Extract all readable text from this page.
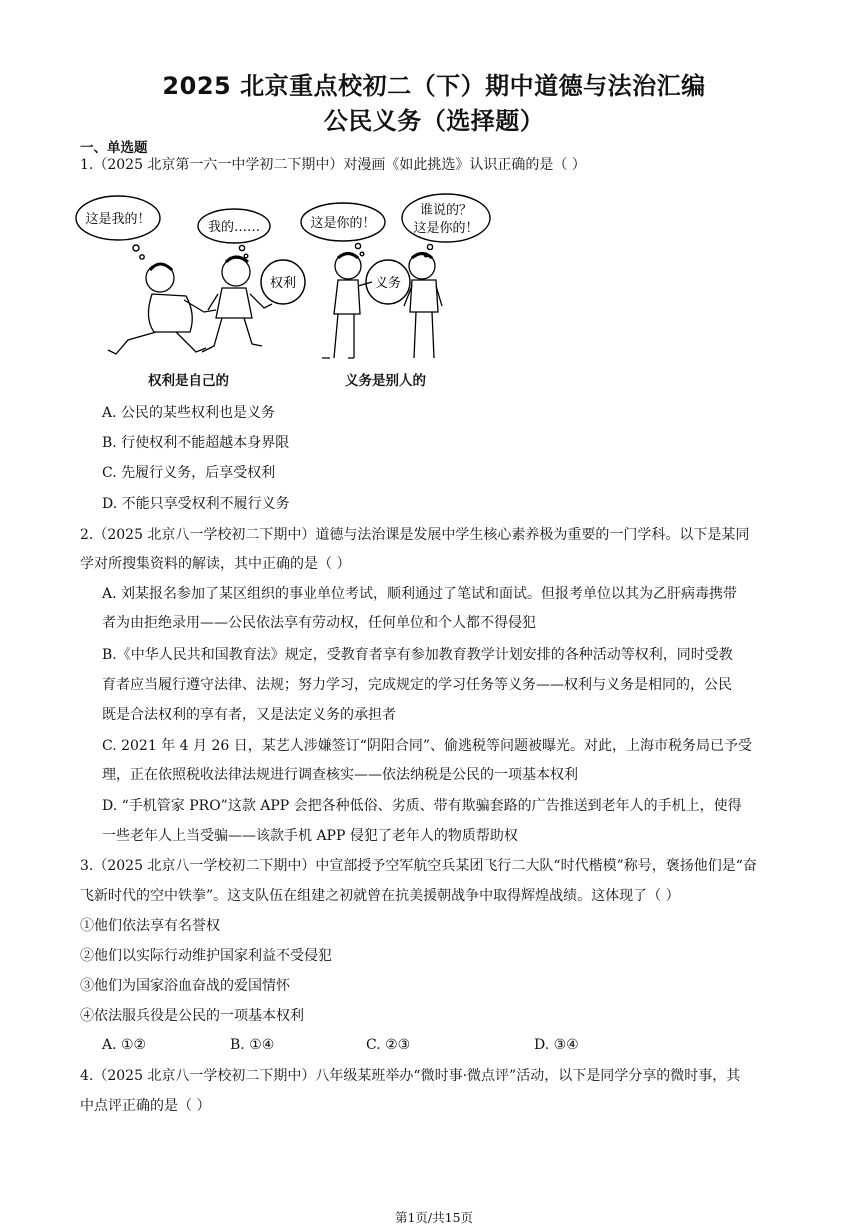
2025 北京重点校初二（下）期中道德与法治汇编
公民义务（选择题）
一、单选题
1.（2025 北京第一六一中学初二下期中）对漫画《如此挑选》认识正确的是（ ）
这是我的！
我的……	这是你的！
谁说的？
这是你的！
权利	义务
权利是自己的	义务是别人的
A. 公民的某些权利也是义务
B. 行使权利不能超越本身界限
C. 先履行义务，后享受权利
D. 不能只享受权利不履行义务
2.（2025 北京八一学校初二下期中）道德与法治课是发展中学生核心素养极为重要的一门学科。以下是某同
学对所搜集资料的解读，其中正确的是（ ）
A. 刘某报名参加了某区组织的事业单位考试，顺利通过了笔试和面试。但报考单位以其为乙肝病毒携带
者为由拒绝录用——公民依法享有劳动权，任何单位和个人都不得侵犯
B.《中华人民共和国教育法》规定，受教育者享有参加教育教学计划安排的各种活动等权利，同时受教
育者应当履行遵守法律、法规；努力学习，完成规定的学习任务等义务——权利与义务是相同的，公民
既是合法权利的享有者，又是法定义务的承担者
C. 2021 年 4 月 26 日，某艺人涉嫌签订“阴阳合同”、偷逃税等问题被曝光。对此，上海市税务局已予受
理，正在依照税收法律法规进行调查核实——依法纳税是公民的一项基本权利
D. “手机管家 PRO”这款 APP 会把各种低俗、劣质、带有欺骗套路的广告推送到老年人的手机上，使得
一些老年人上当受骗——该款手机 APP 侵犯了老年人的物质帮助权
3.（2025 北京八一学校初二下期中）中宣部授予空军航空兵某团飞行二大队“时代楷模”称号，褒扬他们是“奋
飞新时代的空中铁拳”。这支队伍在组建之初就曾在抗美援朝战争中取得辉煌战绩。这体现了（ ）
①他们依法享有名誉权
②他们以实际行动维护国家利益不受侵犯
③他们为国家浴血奋战的爱国情怀
④依法服兵役是公民的一项基本权利
A. ①②	B. ①④	C. ②③	D. ③④
4.（2025 北京八一学校初二下期中）八年级某班举办“微时事·微点评”活动，以下是同学分享的微时事，其
中点评正确的是（ ）
第1页/共15页
